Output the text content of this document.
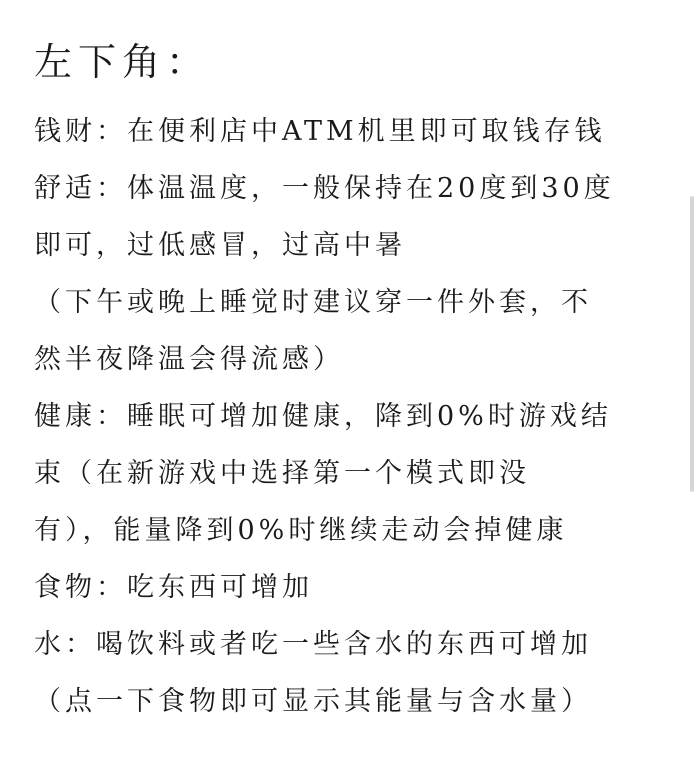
左下角：
钱财：在便利店中ATM机里即可取钱存钱
舒适：体温温度，一般保持在20度到30度
即可，过低感冒，过高中暑
（下午或晚上睡觉时建议穿一件外套，不
然半夜降温会得流感）
健康：睡眠可增加健康，降到0%时游戏结
束（在新游戏中选择第一个模式即没
有），能量降到0%时继续走动会掉健康
食物：吃东西可增加
水：喝饮料或者吃一些含水的东西可增加
（点一下食物即可显示其能量与含水量）
